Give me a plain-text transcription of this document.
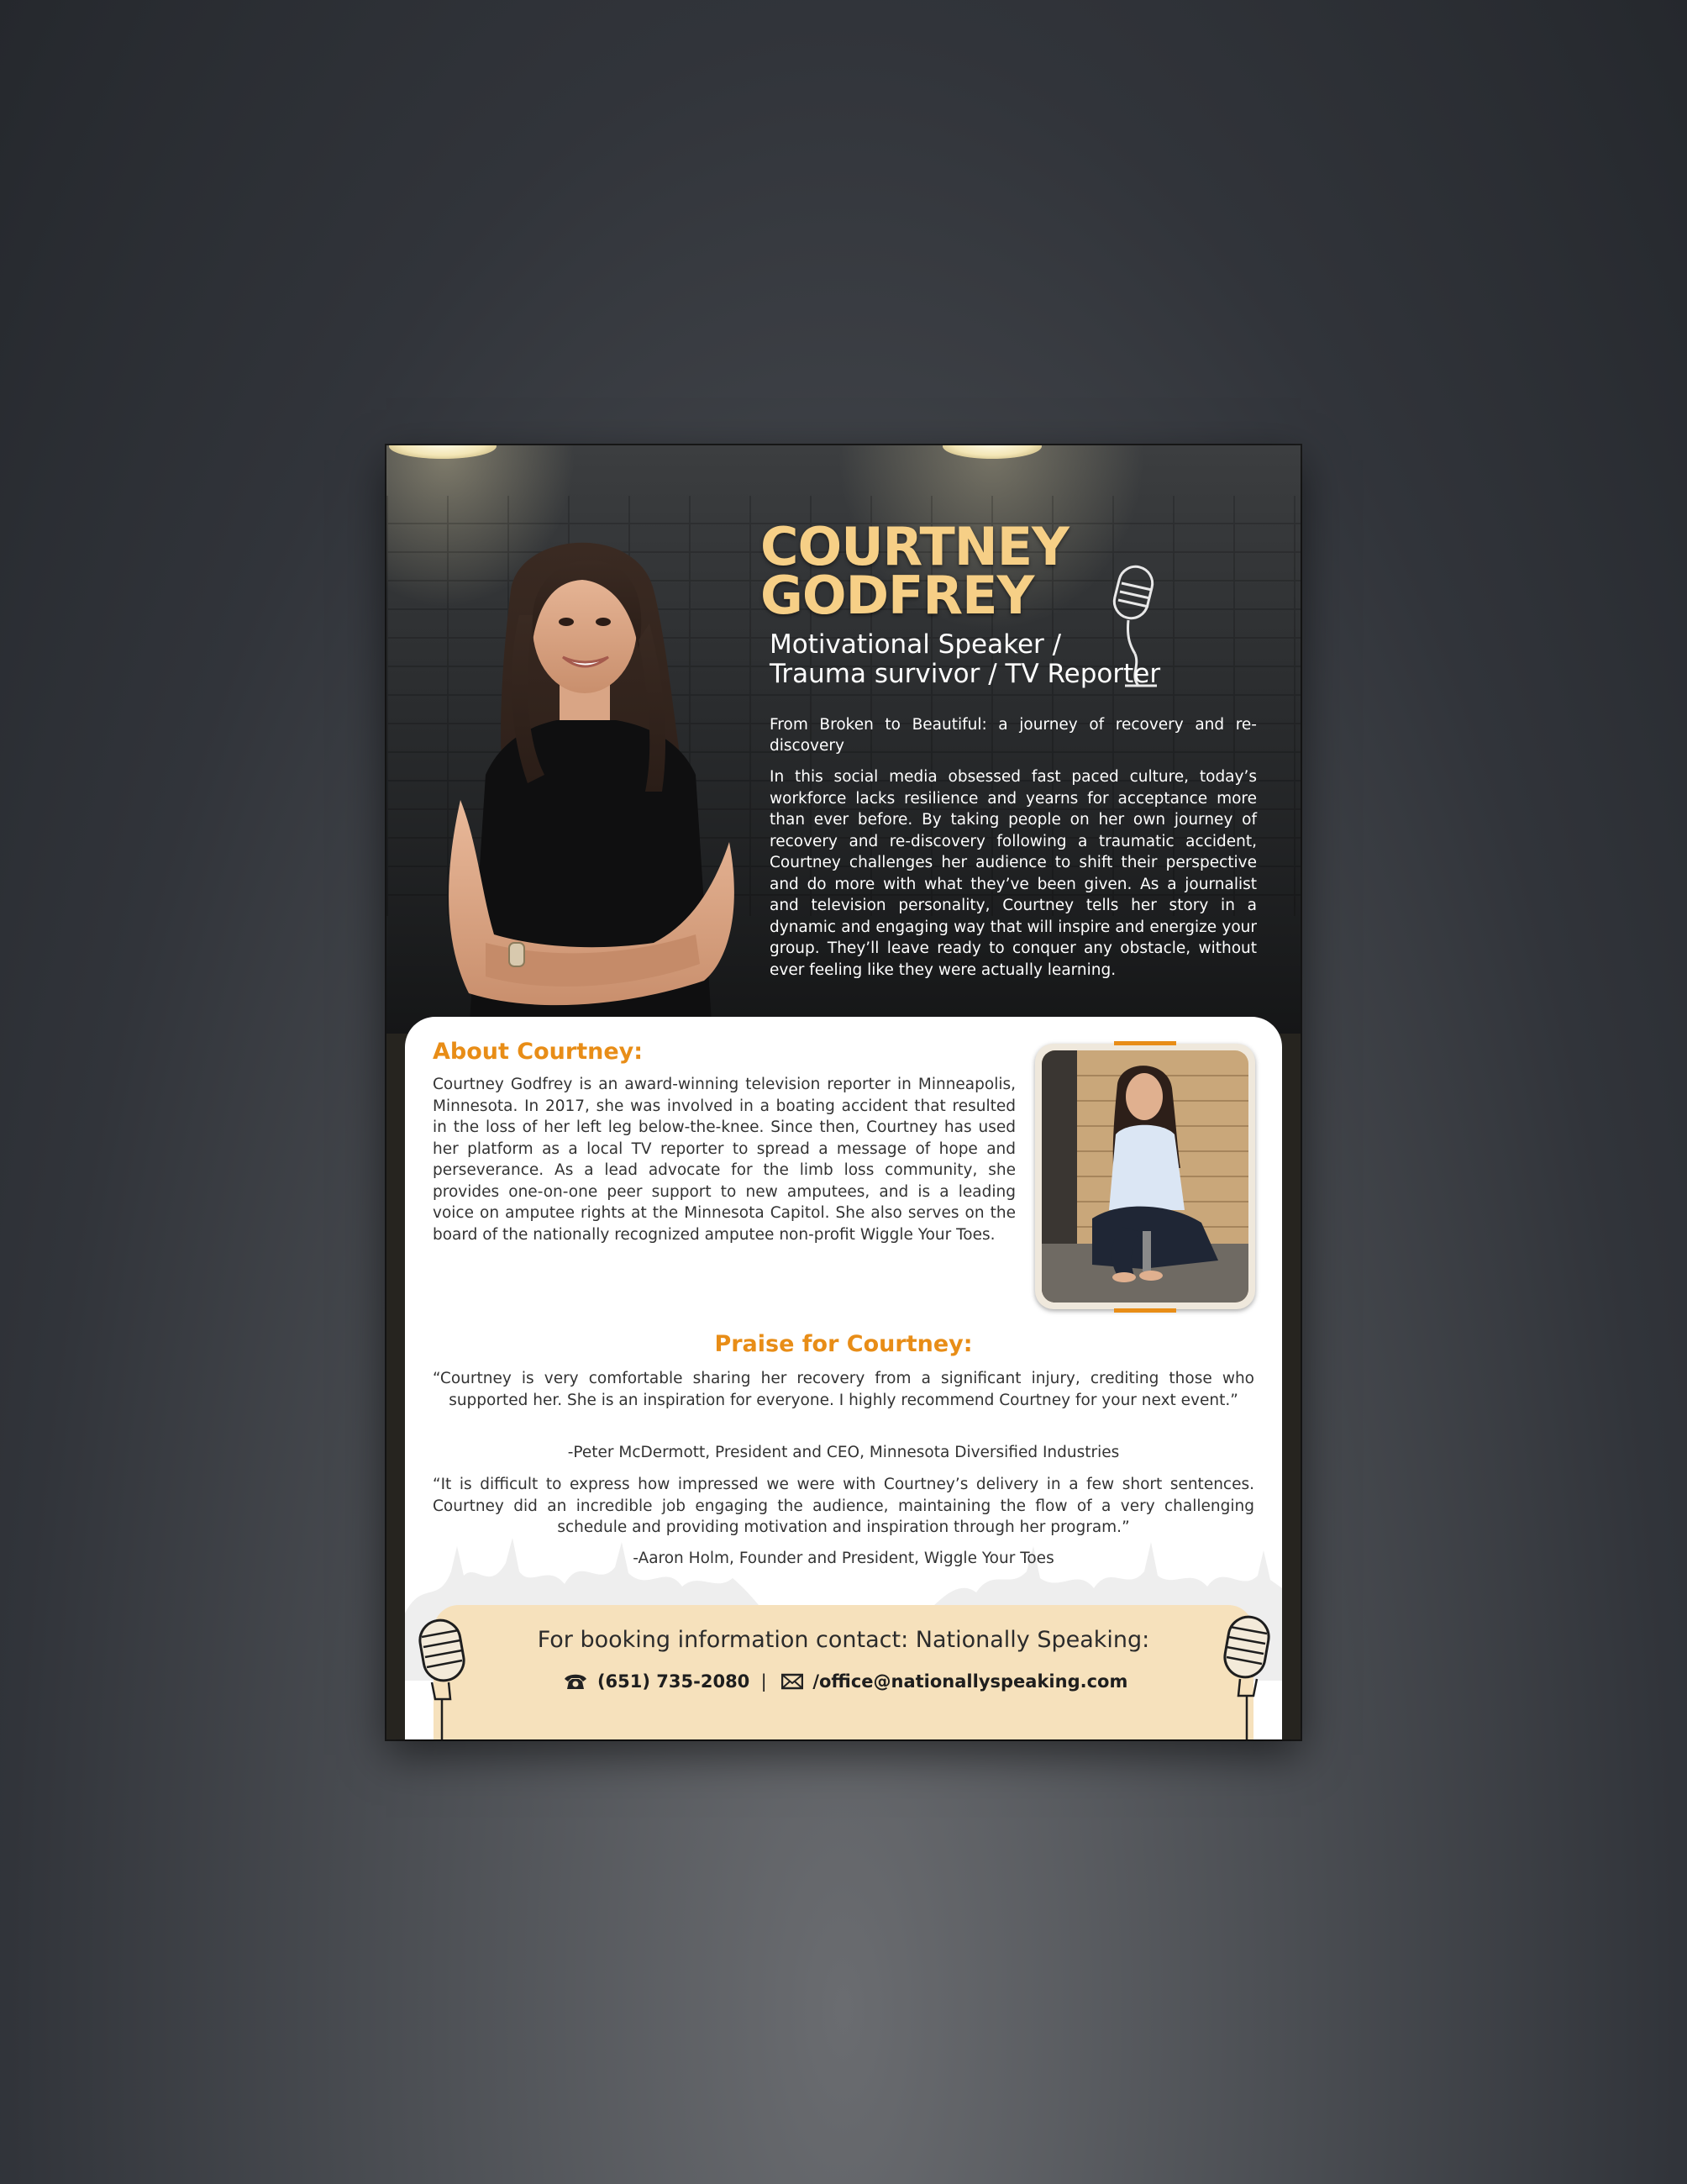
COURTNEY
GODFREY
Motivational Speaker /
Trauma survivor / TV Reporter

From Broken to Beautiful: a journey of recovery and re-discovery

In this social media obsessed fast paced culture, today’s workforce lacks resilience and yearns for acceptance more than ever before. By taking people on her own journey of recovery and re-discovery following a traumatic accident, Courtney challenges her audience to shift their perspective and do more with what they’ve been given. As a journalist and television personality, Courtney tells her story in a dynamic and engaging way that will inspire and energize your group. They’ll leave ready to conquer any obstacle, without ever feeling like they were actually learning.

About Courtney:

Courtney Godfrey is an award-winning television reporter in Minneapolis, Minnesota. In 2017, she was involved in a boating accident that resulted in the loss of her left leg below-the-knee. Since then, Courtney has used her platform as a local TV reporter to spread a message of hope and perseverance. As a lead advocate for the limb loss community, she provides one-on-one peer support to new amputees, and is a leading voice on amputee rights at the Minnesota Capitol. She also serves on the board of the nationally recognized amputee non-profit Wiggle Your Toes.

Praise for Courtney:

“Courtney is very comfortable sharing her recovery from a significant injury, crediting those who supported her. She is an inspiration for everyone. I highly recommend Courtney for your next event.”

-Peter McDermott, President and CEO, Minnesota Diversified Industries

“It is difficult to express how impressed we were with Courtney’s delivery in a few short sentences. Courtney did an incredible job engaging the audience, maintaining the flow of a very challenging schedule and providing motivation and inspiration through her program.”

-Aaron Holm, Founder and President, Wiggle Your Toes

For booking information contact: Nationally Speaking:
(651) 735-2080 |	/office@nationallyspeaking.com
